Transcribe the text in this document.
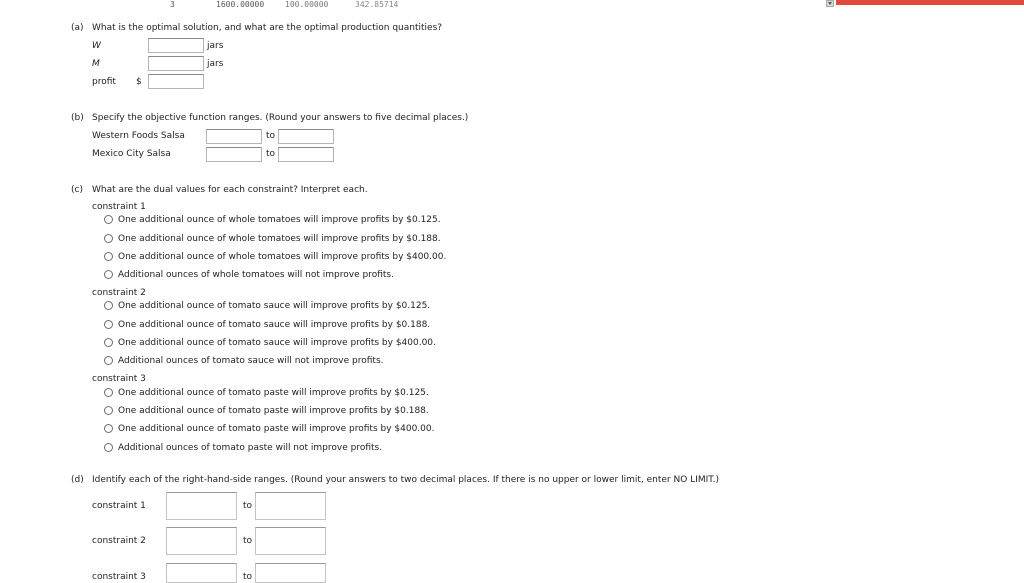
3	1600.00000	100.00000	342.85714
(a) What is the optimal solution, and what are the optimal production quantities?
W	jars
M	jars
profit $
(b) Specify the objective function ranges. (Round your answers to five decimal places.)
Western Foods Salsa	to
Mexico City Salsa	to
(c) What are the dual values for each constraint? Interpret each.
constraint 1
One additional ounce of whole tomatoes will improve profits by $0.125.
One additional ounce of whole tomatoes will improve profits by $0.188.
One additional ounce of whole tomatoes will improve profits by $400.00.
Additional ounces of whole tomatoes will not improve profits.
constraint 2
One additional ounce of tomato sauce will improve profits by $0.125.
One additional ounce of tomato sauce will improve profits by $0.188.
One additional ounce of tomato sauce will improve profits by $400.00.
Additional ounces of tomato sauce will not improve profits.
constraint 3
One additional ounce of tomato paste will improve profits by $0.125.
One additional ounce of tomato paste will improve profits by $0.188.
One additional ounce of tomato paste will improve profits by $400.00.
Additional ounces of tomato paste will not improve profits.
(d) Identify each of the right-hand-side ranges. (Round your answers to two decimal places. If there is no upper or lower limit, enter NO LIMIT.)
constraint 1	to
constraint 2	to
constraint 3	to
